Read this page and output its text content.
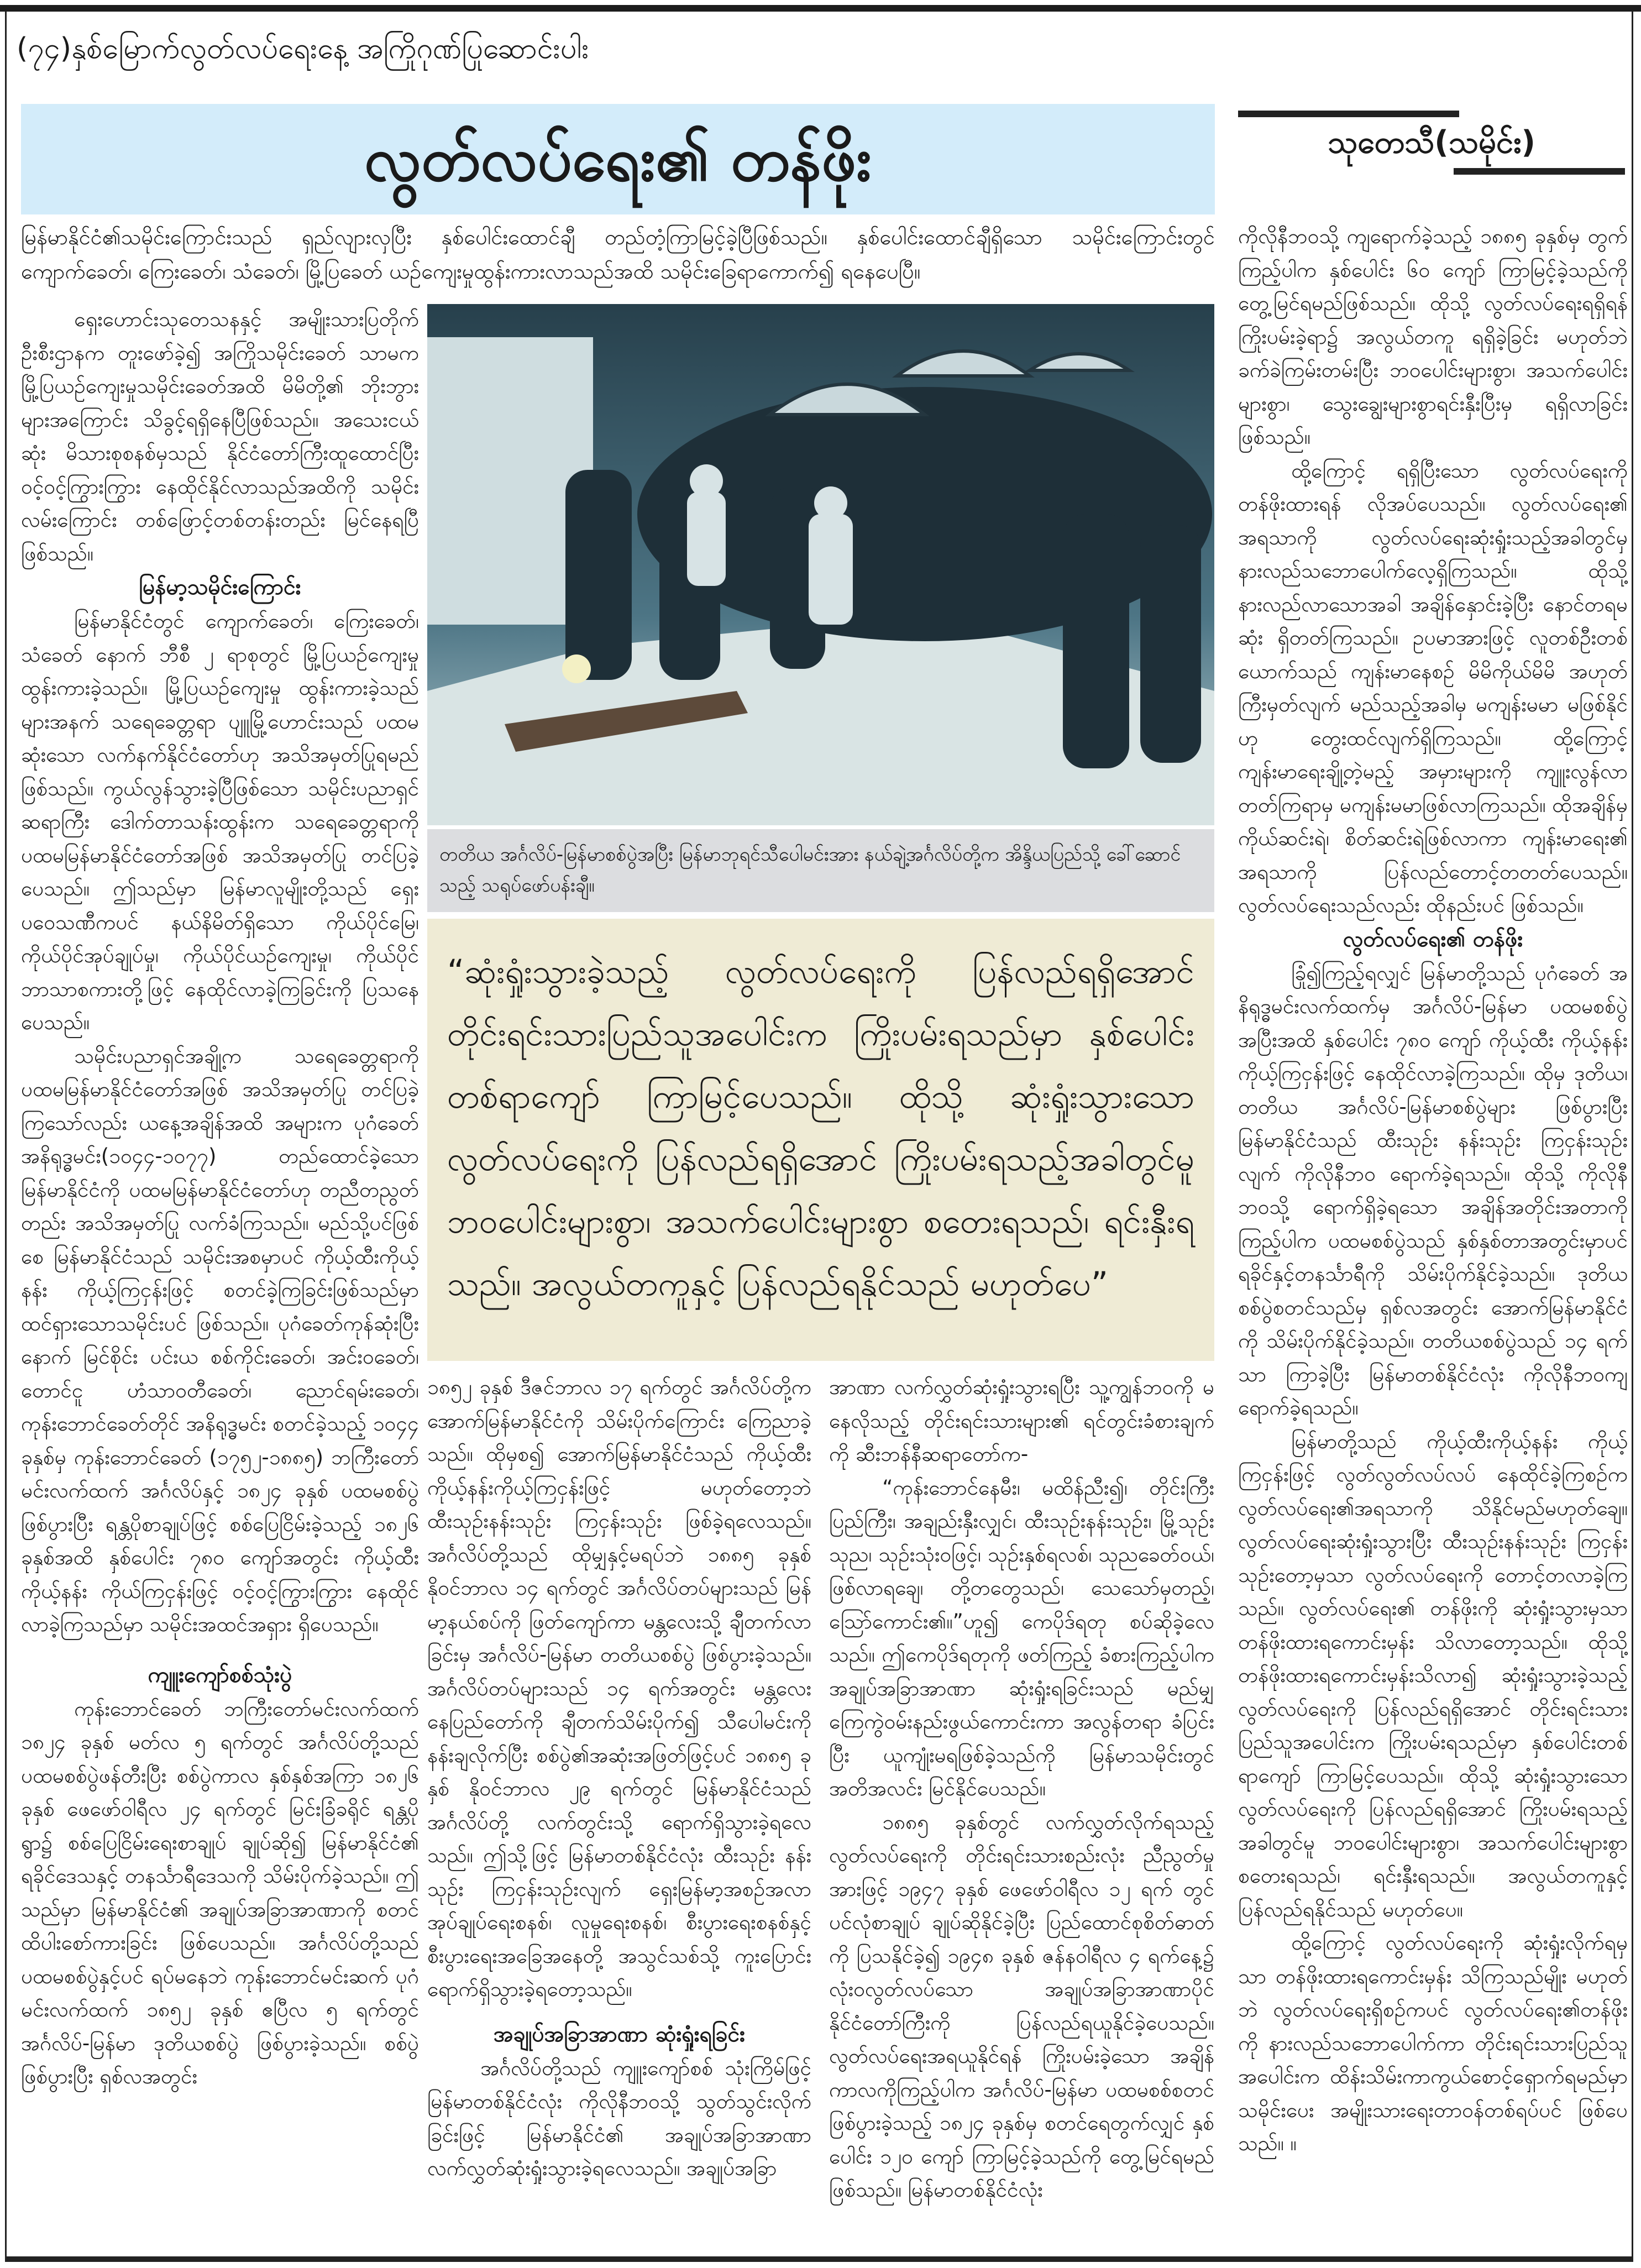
(၇၄)နှစ်မြောက်လွတ်လပ်ရေးနေ့ အကြိုဂုဏ်ပြုဆောင်းပါး
လွတ်လပ်ရေး၏ တန်ဖိုး	သုတေသီ(သမိုင်း)
မြန်မာနိုင်ငံ၏သမိုင်းကြောင်းသည် ရှည်လျားလှပြီး နှစ်ပေါင်းထောင်ချီ တည်တံ့ကြာမြင့်ခဲ့ပြီဖြစ်သည်။ နှစ်ပေါင်းထောင်ချီရှိသော သမိုင်းကြောင်းတွင် ကျောက်ခေတ်၊ ကြေးခေတ်၊ သံခေတ်၊ မြို့ပြခေတ် ယဉ်ကျေးမှုထွန်းကားလာသည်အထိ သမိုင်းခြေရာကောက်၍ ရနေပေပြီ။

ရှေးဟောင်းသုတေသနနှင့် အမျိုးသားပြတိုက် ဦးစီးဌာနက တူးဖော်ခဲ့၍ အကြိုသမိုင်းခေတ် သာမက မြို့ပြယဉ်ကျေးမှုသမိုင်းခေတ်အထိ မိမိတို့၏ ဘိုးဘွားများအကြောင်း သိခွင့်ရရှိနေပြီဖြစ်သည်။ အသေးငယ်ဆုံး မိသားစုစနစ်မှသည် နိုင်ငံတော်ကြီးထူထောင်ပြီး ဝင့်ဝင့်ကြွားကြွား နေထိုင်နိုင်လာသည်အထိကို သမိုင်းလမ်းကြောင်း တစ်ဖြောင့်တစ်တန်းတည်း မြင်နေရပြီဖြစ်သည်။

မြန်မာ့သမိုင်းကြောင်း

မြန်မာနိုင်ငံတွင် ကျောက်ခေတ်၊ ကြေးခေတ်၊ သံခေတ် နောက် ဘီစီ ၂ ရာစုတွင် မြို့ပြယဉ်ကျေးမှု ထွန်းကားခဲ့သည်။ မြို့ပြယဉ်ကျေးမှု ထွန်းကားခဲ့သည်များအနက် သရေခေတ္တရာ ပျူမြို့ဟောင်းသည် ပထမဆုံးသော လက်နက်နိုင်ငံတော်ဟု အသိအမှတ်ပြုရမည်ဖြစ်သည်။ ကွယ်လွန်သွားခဲ့ပြီဖြစ်သော သမိုင်းပညာရှင် ဆရာကြီး ဒေါက်တာသန်းထွန်းက သရေခေတ္တရာကို ပထမမြန်မာနိုင်ငံတော်အဖြစ် အသိအမှတ်ပြု တင်ပြခဲ့ပေသည်။ ဤသည်မှာ မြန်မာလူမျိုးတို့သည် ရှေးပဝေသဏီကပင် နယ်နိမိတ်ရှိသော ကိုယ်ပိုင်မြေ၊ ကိုယ်ပိုင်အုပ်ချုပ်မှု၊ ကိုယ်ပိုင်ယဉ်ကျေးမှု၊ ကိုယ်ပိုင်ဘာသာစကားတို့ဖြင့် နေထိုင်လာခဲ့ကြခြင်းကို ပြသနေပေသည်။

သမိုင်းပညာရှင်အချို့က သရေခေတ္တရာကို ပထမမြန်မာနိုင်ငံတော်အဖြစ် အသိအမှတ်ပြု တင်ပြခဲ့ကြသော်လည်း ယနေ့အချိန်အထိ အများက ပုဂံခေတ် အနိရုဒ္ဓမင်း(၁၀၄၄-၁၀၇၇) တည်ထောင်ခဲ့သော မြန်မာနိုင်ငံကို ပထမမြန်မာနိုင်ငံတော်ဟု တညီတညွတ်တည်း အသိအမှတ်ပြု လက်ခံကြသည်။ မည်သို့ပင်ဖြစ်စေ မြန်မာနိုင်ငံသည် သမိုင်းအစမှာပင် ကိုယ့်ထီးကိုယ့်နန်း ကိုယ့်ကြငှန်းဖြင့် စတင်ခဲ့ကြခြင်းဖြစ်သည်မှာ ထင်ရှားသောသမိုင်းပင် ဖြစ်သည်။ ပုဂံခေတ်ကုန်ဆုံးပြီးနောက် မြင်စိုင်း ပင်းယ စစ်ကိုင်းခေတ်၊ အင်းဝခေတ်၊ တောင်ငူ ဟံသာဝတီခေတ်၊ ညောင်ရမ်းခေတ်၊ ကုန်းဘောင်ခေတ်တိုင် အနိရုဒ္ဓမင်း စတင်ခဲ့သည့် ၁၀၄၄ ခုနှစ်မှ ကုန်းဘောင်ခေတ် (၁၇၅၂-၁၈၈၅) ဘကြီးတော်မင်းလက်ထက် အင်္ဂလိပ်နှင့် ၁၈၂၄ ခုနှစ် ပထမစစ်ပွဲဖြစ်ပွားပြီး ရန္တပိုစာချုပ်ဖြင့် စစ်ပြေငြိမ်းခဲ့သည့် ၁၈၂၆ ခုနှစ်အထိ နှစ်ပေါင်း ၇၈၀ ကျော်အတွင်း ကိုယ့်ထီးကိုယ့်နန်း ကိုယ်ကြငှန်းဖြင့် ဝင့်ဝင့်ကြွားကြွား နေထိုင်လာခဲ့ကြသည်မှာ သမိုင်းအထင်အရှား ရှိပေသည်။

ကျူးကျော်စစ်သုံးပွဲ

ကုန်းဘောင်ခေတ် ဘကြီးတော်မင်းလက်ထက် ၁၈၂၄ ခုနှစ် မတ်လ ၅ ရက်တွင် အင်္ဂလိပ်တို့သည် ပထမစစ်ပွဲဖန်တီးပြီး စစ်ပွဲကာလ နှစ်နှစ်အကြာ ၁၈၂၆ ခုနှစ် ဖေဖော်ဝါရီလ ၂၄ ရက်တွင် မြင်းခြံခရိုင် ရန္တပိုရွာ၌ စစ်ပြေငြိမ်းရေးစာချုပ် ချုပ်ဆို၍ မြန်မာနိုင်ငံ၏ ရခိုင်ဒေသနှင့် တနင်္သာရီဒေသကို သိမ်းပိုက်ခဲ့သည်။ ဤသည်မှာ မြန်မာနိုင်ငံ၏ အချုပ်အခြာအာဏာကို စတင်ထိပါးစော်ကားခြင်း ဖြစ်ပေသည်။ အင်္ဂလိပ်တို့သည် ပထမစစ်ပွဲနှင့်ပင် ရပ်မနေဘဲ ကုန်းဘောင်မင်းဆက် ပုဂံမင်းလက်ထက် ၁၈၅၂ ခုနှစ် ဧပြီလ ၅ ရက်တွင် အင်္ဂလိပ်-မြန်မာ ဒုတိယစစ်ပွဲ ဖြစ်ပွားခဲ့သည်။ စစ်ပွဲဖြစ်ပွားပြီး ရှစ်လအတွင်း

တတိယ အင်္ဂလိပ်-မြန်မာစစ်ပွဲအပြီး မြန်မာဘုရင်သီပေါမင်းအား နယ်ချဲ့အင်္ဂလိပ်တို့က အိန္ဒိယပြည်သို့ ခေါ်ဆောင်သည့် သရုပ်ဖော်ပန်းချီ။
“ဆုံးရှုံးသွားခဲ့သည့် လွတ်လပ်ရေးကို ပြန်လည်ရရှိအောင် တိုင်းရင်းသားပြည်သူအပေါင်းက ကြိုးပမ်းရသည်မှာ နှစ်ပေါင်းတစ်ရာကျော် ကြာမြင့်ပေသည်။ ထိုသို့ ဆုံးရှုံးသွားသော လွတ်လပ်ရေးကို ပြန်လည်ရရှိအောင် ကြိုးပမ်းရသည့်အခါတွင်မူ ဘဝပေါင်းများစွာ၊ အသက်ပေါင်းများစွာ စတေးရသည်၊ ရင်းနှီးရသည်။ အလွယ်တကူနှင့် ပြန်လည်ရနိုင်သည် မဟုတ်ပေ”

၁၈၅၂ ခုနှစ် ဒီဇင်ဘာလ ၁၇ ရက်တွင် အင်္ဂလိပ်တို့က အောက်မြန်မာနိုင်ငံကို သိမ်းပိုက်ကြောင်း ကြေညာခဲ့သည်။ ထိုမှစ၍ အောက်မြန်မာနိုင်ငံသည် ကိုယ့်ထီးကိုယ့်နန်းကိုယ့်ကြငှန်းဖြင့် မဟုတ်တော့ဘဲ ထီးသုဉ်းနန်းသုဉ်း ကြငှန်းသုဉ်း ဖြစ်ခဲ့ရလေသည်။ အင်္ဂလိပ်တို့သည် ထိုမျှနှင့်မရပ်ဘဲ ၁၈၈၅ ခုနှစ် နိုဝင်ဘာလ ၁၄ ရက်တွင် အင်္ဂလိပ်တပ်များသည် မြန်မာ့နယ်စပ်ကို ဖြတ်ကျော်ကာ မန္တလေးသို့ ချီတက်လာခြင်းမှ အင်္ဂလိပ်-မြန်မာ တတိယစစ်ပွဲ ဖြစ်ပွားခဲ့သည်။ အင်္ဂလိပ်တပ်များသည် ၁၄ ရက်အတွင်း မန္တလေး နေပြည်တော်ကို ချီတက်သိမ်းပိုက်၍ သီပေါမင်းကို နန်းချလိုက်ပြီး စစ်ပွဲ၏အဆုံးအဖြတ်ဖြင့်ပင် ၁၈၈၅ ခုနှစ် နိုဝင်ဘာလ ၂၉ ရက်တွင် မြန်မာနိုင်ငံသည် အင်္ဂလိပ်တို့ လက်တွင်းသို့ ရောက်ရှိသွားခဲ့ရလေသည်။ ဤသို့ဖြင့် မြန်မာတစ်နိုင်ငံလုံး ထီးသုဉ်း နန်းသုဉ်း ကြငှန်းသုဉ်းလျက် ရှေးမြန်မာ့အစဉ်အလာ အုပ်ချုပ်ရေးစနစ်၊ လူမှုရေးစနစ်၊ စီးပွားရေးစနစ်နှင့် စီးပွားရေးအခြေအနေတို့ အသွင်သစ်သို့ ကူးပြောင်းရောက်ရှိသွားခဲ့ရတော့သည်။

အချုပ်အခြာအာဏာ ဆုံးရှုံးရခြင်း

အင်္ဂလိပ်တို့သည် ကျူးကျော်စစ် သုံးကြိမ်ဖြင့် မြန်မာတစ်နိုင်ငံလုံး ကိုလိုနီဘဝသို့ သွတ်သွင်းလိုက်ခြင်းဖြင့် မြန်မာနိုင်ငံ၏ အချုပ်အခြာအာဏာ လက်လွှတ်ဆုံးရှုံးသွားခဲ့ရလေသည်။ အချုပ်အခြာ

အာဏာ လက်လွှတ်ဆုံးရှုံးသွားရပြီး သူ့ကျွန်ဘဝကို မနေလိုသည့် တိုင်းရင်းသားများ၏ ရင်တွင်းခံစားချက်ကို ဆီးဘန်နီဆရာတော်က-

“ကုန်းဘောင်နေမီး၊ မထိန်ညီး၍၊ တိုင်းကြီးပြည်ကြီး၊ အချည်းနှီးလျှင်၊ ထီးသုဉ်းနန်းသုဉ်း၊ မြို့သုဉ်းသုည၊ သုဉ်းသုံးဝဖြင့်၊ သုဉ်းနှစ်ရလစ်၊ သုညခေတ်ဝယ်၊ ဖြစ်လာရချေ၊ တို့တတွေသည်၊ သေသော်မှတည့်၊ ဩော်ကောင်း၏။”ဟူ၍ ကေပိုဒ်ရတု စပ်ဆိုခဲ့လေသည်။ ဤကေပိုဒ်ရတုကို ဖတ်ကြည့် ခံစားကြည့်ပါက အချုပ်အခြာအာဏာ ဆုံးရှုံးရခြင်းသည် မည်မျှကြေကွဲဝမ်းနည်းဖွယ်ကောင်းကာ အလွန်တရာ ခံပြင်းပြီး ယူကျုံးမရဖြစ်ခဲ့သည်ကို မြန်မာသမိုင်းတွင် အတိအလင်း မြင်နိုင်ပေသည်။

၁၈၈၅ ခုနှစ်တွင် လက်လွှတ်လိုက်ရသည့် လွတ်လပ်ရေးကို တိုင်းရင်းသားစည်းလုံး ညီညွတ်မှုအားဖြင့် ၁၉၄၇ ခုနှစ် ဖေဖော်ဝါရီလ ၁၂ ရက် တွင် ပင်လုံစာချုပ် ချုပ်ဆိုနိုင်ခဲ့ပြီး ပြည်ထောင်စုစိတ်ဓာတ်ကို ပြသနိုင်ခဲ့၍ ၁၉၄၈ ခုနှစ် ဇန်နဝါရီလ ၄ ရက်နေ့၌ လုံးဝလွတ်လပ်သော အချုပ်အခြာအာဏာပိုင် နိုင်ငံတော်ကြီးကို ပြန်လည်ရယူနိုင်ခဲ့ပေသည်။ လွတ်လပ်ရေးအရယူနိုင်ရန် ကြိုးပမ်းခဲ့သော အချိန်ကာလကိုကြည့်ပါက အင်္ဂလိပ်-မြန်မာ ပထမစစ်စတင်ဖြစ်ပွားခဲ့သည့် ၁၈၂၄ ခုနှစ်မှ စတင်ရေတွက်လျှင် နှစ်ပေါင်း ၁၂၀ ကျော် ကြာမြင့်ခဲ့သည်ကို တွေ့မြင်ရမည်ဖြစ်သည်။ မြန်မာတစ်နိုင်ငံလုံး

ကိုလိုနီဘဝသို့ ကျရောက်ခဲ့သည့် ၁၈၈၅ ခုနှစ်မှ တွက်ကြည့်ပါက နှစ်ပေါင်း ၆၀ ကျော် ကြာမြင့်ခဲ့သည်ကို တွေ့မြင်ရမည်ဖြစ်သည်။ ထိုသို့ လွတ်လပ်ရေးရရှိရန် ကြိုးပမ်းခဲ့ရာ၌ အလွယ်တကူ ရရှိခဲ့ခြင်း မဟုတ်ဘဲ ခက်ခဲကြမ်းတမ်းပြီး ဘဝပေါင်းများစွာ၊ အသက်ပေါင်းများစွာ၊ သွေးချွေးများစွာရင်းနှီးပြီးမှ ရရှိလာခြင်းဖြစ်သည်။

ထို့ကြောင့် ရရှိပြီးသော လွတ်လပ်ရေးကို တန်ဖိုးထားရန် လိုအပ်ပေသည်။ လွတ်လပ်ရေး၏ အရသာကို လွတ်လပ်ရေးဆုံးရှုံးသည့်အခါတွင်မှ နားလည်သဘောပေါက်လေ့ရှိကြသည်။ ထိုသို့ နားလည်လာသောအခါ အချိန်နှောင်းခဲ့ပြီး နောင်တရမဆုံး ရှိတတ်ကြသည်။ ဥပမာအားဖြင့် လူတစ်ဦးတစ်ယောက်သည် ကျန်းမာနေစဉ် မိမိကိုယ်မိမိ အဟုတ်ကြီးမှတ်လျက် မည်သည့်အခါမှ မကျန်းမမာ မဖြစ်နိုင်ဟု တွေးထင်လျက်ရှိကြသည်။ ထို့ကြောင့် ကျန်းမာရေးချို့တဲ့မည့် အမှားများကို ကျူးလွန်လာတတ်ကြရာမှ မကျန်းမမာဖြစ်လာကြသည်။ ထိုအချိန်မှ ကိုယ်ဆင်းရဲ၊ စိတ်ဆင်းရဲဖြစ်လာကာ ကျန်းမာရေး၏ အရသာကို ပြန်လည်တောင့်တတတ်ပေသည်။ လွတ်လပ်ရေးသည်လည်း ထိုနည်းပင် ဖြစ်သည်။

လွတ်လပ်ရေး၏ တန်ဖိုး

ခြုံ၍ကြည့်ရလျှင် မြန်မာတို့သည် ပုဂံခေတ် အနိရုဒ္ဓမင်းလက်ထက်မှ အင်္ဂလိပ်-မြန်မာ ပထမစစ်ပွဲအပြီးအထိ နှစ်ပေါင်း ၇၈၀ ကျော် ကိုယ့်ထီး ကိုယ့်နန်း ကိုယ့်ကြငှန်းဖြင့် နေထိုင်လာခဲ့ကြသည်။ ထိုမှ ဒုတိယ၊ တတိယ အင်္ဂလိပ်-မြန်မာစစ်ပွဲများ ဖြစ်ပွားပြီး မြန်မာနိုင်ငံသည် ထီးသုဉ်း နန်းသုဉ်း ကြငှန်းသုဉ်းလျက် ကိုလိုနီဘဝ ရောက်ခဲ့ရသည်။ ထိုသို့ ကိုလိုနီဘဝသို့ ရောက်ရှိခဲ့ရသော အချိန်အတိုင်းအတာကို ကြည့်ပါက ပထမစစ်ပွဲသည် နှစ်နှစ်တာအတွင်းမှာပင် ရခိုင်နှင့်တနင်္သာရီကို သိမ်းပိုက်နိုင်ခဲ့သည်။ ဒုတိယစစ်ပွဲစတင်သည်မှ ရှစ်လအတွင်း အောက်မြန်မာနိုင်ငံကို သိမ်းပိုက်နိုင်ခဲ့သည်။ တတိယစစ်ပွဲသည် ၁၄ ရက်သာ ကြာခဲ့ပြီး မြန်မာတစ်နိုင်ငံလုံး ကိုလိုနီဘဝကျရောက်ခဲ့ရသည်။

မြန်မာတို့သည် ကိုယ့်ထီးကိုယ့်နန်း ကိုယ့်ကြငှန်းဖြင့် လွတ်လွတ်လပ်လပ် နေထိုင်ခဲ့ကြစဉ်က လွတ်လပ်ရေး၏အရသာကို သိနိုင်မည်မဟုတ်ချေ။ လွတ်လပ်ရေးဆုံးရှုံးသွားပြီး ထီးသုဉ်းနန်းသုဉ်း ကြငှန်းသုဉ်းတော့မှသာ လွတ်လပ်ရေးကို တောင့်တလာခဲ့ကြသည်။ လွတ်လပ်ရေး၏ တန်ဖိုးကို ဆုံးရှုံးသွားမှသာ တန်ဖိုးထားရကောင်းမှန်း သိလာတော့သည်။ ထိုသို့ တန်ဖိုးထားရကောင်းမှန်းသိလာ၍ ဆုံးရှုံးသွားခဲ့သည့် လွတ်လပ်ရေးကို ပြန်လည်ရရှိအောင် တိုင်းရင်းသားပြည်သူအပေါင်းက ကြိုးပမ်းရသည်မှာ နှစ်ပေါင်းတစ်ရာကျော် ကြာမြင့်ပေသည်။ ထိုသို့ ဆုံးရှုံးသွားသော လွတ်လပ်ရေးကို ပြန်လည်ရရှိအောင် ကြိုးပမ်းရသည့်အခါတွင်မူ ဘဝပေါင်းများစွာ၊ အသက်ပေါင်းများစွာ စတေးရသည်၊ ရင်းနှီးရသည်။ အလွယ်တကူနှင့် ပြန်လည်ရနိုင်သည် မဟုတ်ပေ။

ထို့ကြောင့် လွတ်လပ်ရေးကို ဆုံးရှုံးလိုက်ရမှသာ တန်ဖိုးထားရကောင်းမှန်း သိကြသည်မျိုး မဟုတ်ဘဲ လွတ်လပ်ရေးရှိစဉ်ကပင် လွတ်လပ်ရေး၏တန်ဖိုးကို နားလည်သဘောပေါက်ကာ တိုင်းရင်းသားပြည်သူအပေါင်းက ထိန်းသိမ်းကာကွယ်စောင့်ရှောက်ရမည်မှာ သမိုင်းပေး အမျိုးသားရေးတာဝန်တစ်ရပ်ပင် ဖြစ်ပေသည်။ ။
